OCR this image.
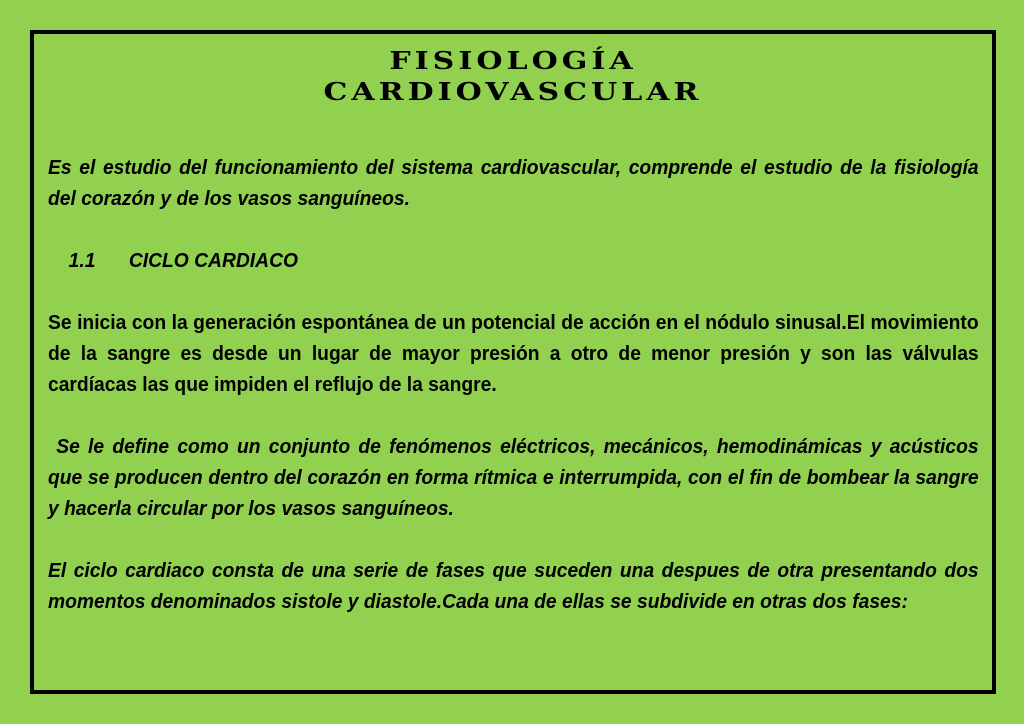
FISIOLOGÍA
CARDIOVASCULAR

Es el estudio del funcionamiento del sistema cardiovascular, comprende el estudio de la fisiología del corazón y de los vasos sanguíneos.

1.1 CICLO CARDIACO

Se inicia con la generación espontánea de un potencial de acción en el nódulo sinusal.El movimiento de la sangre es desde un lugar de mayor presión a otro de menor presión y son las válvulas cardíacas las que impiden el reflujo de la sangre.

Se le define como un conjunto de fenómenos eléctricos, mecánicos, hemodinámicas y acústicos que se producen dentro del corazón en forma rítmica e interrumpida, con el fin de bombear la sangre y hacerla circular por los vasos sanguíneos.

El ciclo cardiaco consta de una serie de fases que suceden una despues de otra presentando dos momentos denominados sistole y diastole.Cada una de ellas se subdivide en otras dos fases:
